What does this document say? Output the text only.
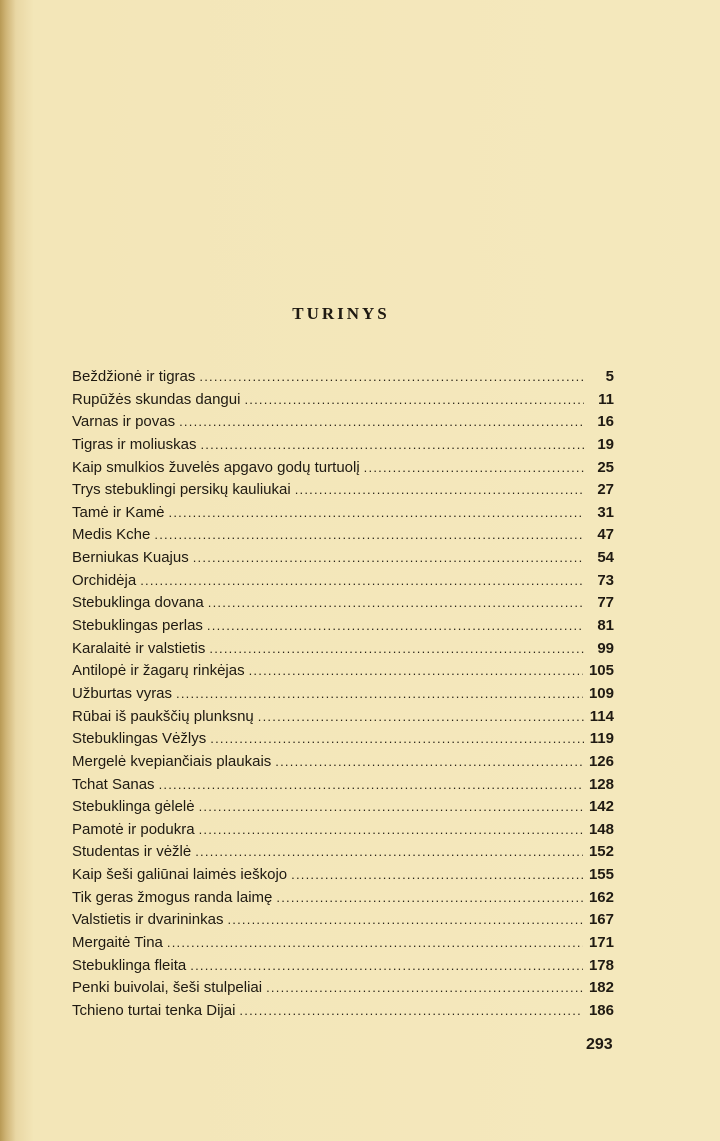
TURINYS
Beždžionė ir tigras . . .	5
Rupūžės skundas dangui . . .	11
Varnas ir povas . . .	16
Tigras ir moliuskas . . .	19
Kaip smulkios žuvelės apgavo godų turtuolį . . .	25
Trys stebuklingi persikų kauliukai . . .	27
Tamė ir Kamė . . .	31
Medis Kche . . .	47
Berniukas Kuajus . . .	54
Orchidėja . . .	73
Stebuklinga dovana . . .	77
Stebuklingas perlas . . .	81
Karalaitė ir valstietis . . .	99
Antilopė ir žagarų rinkėjas . . .	105
Užburtas vyras . . .	109
Rūbai iš paukščių plunksnų . . .	114
Stebuklingas Vėžlys . . .	119
Mergelė kvepiančiais plaukais . . .	126
Tchat Sanas . . .	128
Stebuklinga gėlelė . . .	142
Pamotė ir podukra . . .	148
Studentas ir vėžlė . . .	152
Kaip šeši galiūnai laimės ieškojo . . .	155
Tik geras žmogus randa laimę . . .	162
Valstietis ir dvarininkas . . .	167
Mergaitė Tina . . .	171
Stebuklinga fleita . . .	178
Penki buivolai, šeši stulpeliai . . .	182
Tchieno turtai tenka Dijai . . .	186
293
